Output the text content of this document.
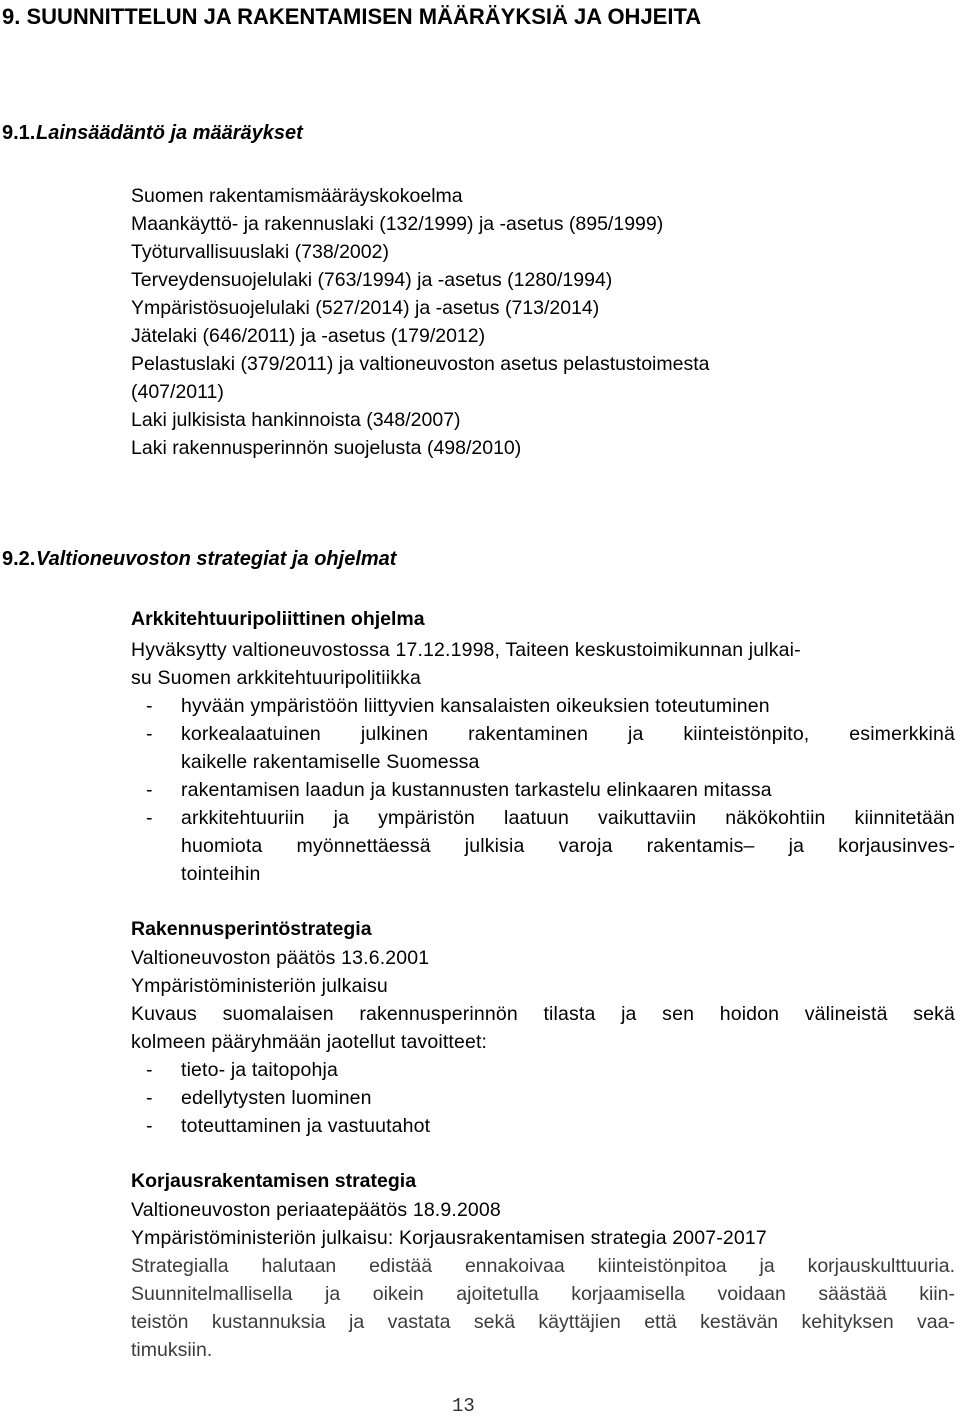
9. SUUNNITTELUN JA RAKENTAMISEN MÄÄRÄYKSIÄ JA OHJEITA
9.1.Lainsäädäntö ja määräykset
Suomen rakentamismääräyskokoelma
Maankäyttö- ja rakennuslaki (132/1999) ja -asetus (895/1999)
Työturvallisuuslaki (738/2002)
Terveydensuojelulaki (763/1994) ja -asetus (1280/1994)
Ympäristösuojelulaki (527/2014) ja -asetus (713/2014)
Jätelaki (646/2011) ja -asetus (179/2012)
Pelastuslaki (379/2011) ja valtioneuvoston asetus pelastustoimesta
(407/2011)
Laki julkisista hankinnoista (348/2007)
Laki rakennusperinnön suojelusta (498/2010)
9.2.Valtioneuvoston strategiat ja ohjelmat
Arkkitehtuuripoliittinen ohjelma
Hyväksytty valtioneuvostossa 17.12.1998, Taiteen keskustoimikunnan julkai-
su Suomen arkkitehtuuripolitiikka
- hyvään ympäristöön liittyvien kansalaisten oikeuksien toteutuminen
- korkealaatuinen julkinen rakentaminen ja kiinteistönpito, esimerkkinä
kaikelle rakentamiselle Suomessa
- rakentamisen laadun ja kustannusten tarkastelu elinkaaren mitassa
- arkkitehtuuriin ja ympäristön laatuun vaikuttaviin näkökohtiin kiinnitetään
huomiota myönnettäessä julkisia varoja rakentamis– ja korjausinves-
tointeihin
Rakennusperintöstrategia
Valtioneuvoston päätös 13.6.2001
Ympäristöministeriön julkaisu
Kuvaus suomalaisen rakennusperinnön tilasta ja sen hoidon välineistä sekä
kolmeen pääryhmään jaotellut tavoitteet:
- tieto- ja taitopohja
- edellytysten luominen
- toteuttaminen ja vastuutahot
Korjausrakentamisen strategia
Valtioneuvoston periaatepäätös 18.9.2008
Ympäristöministeriön julkaisu: Korjausrakentamisen strategia 2007-2017
Strategialla halutaan edistää ennakoivaa kiinteistönpitoa ja korjauskulttuuria.
Suunnitelmallisella ja oikein ajoitetulla korjaamisella voidaan säästää kiin-
teistön kustannuksia ja vastata sekä käyttäjien että kestävän kehityksen vaa-
timuksiin.
13
